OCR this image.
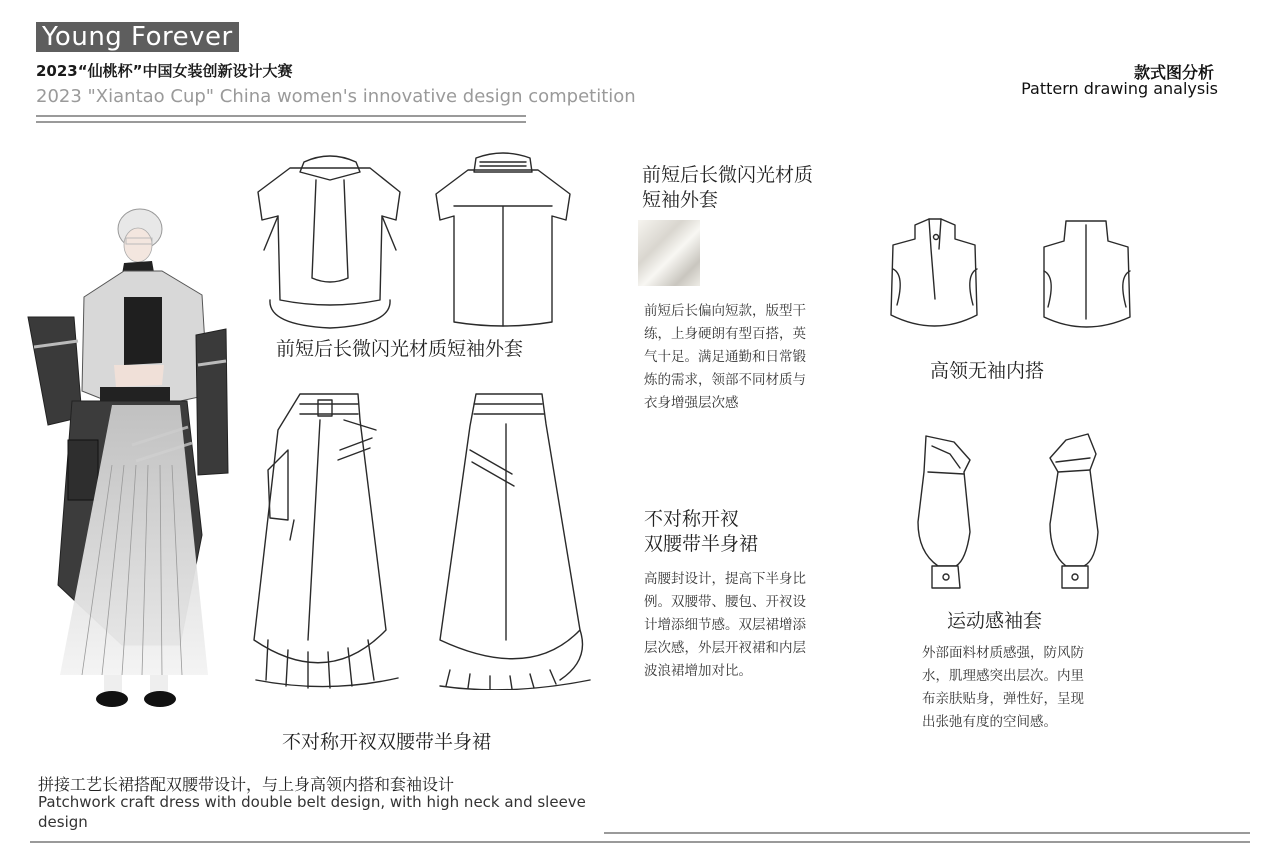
Young Forever
2023“仙桃杯”中国女装创新设计大赛
2023 "Xiantao Cup" China women's innovative design competition
款式图分析
Pattern drawing analysis
前短后长微闪光材质短袖外套
不对称开衩双腰带半身裙
前短后长微闪光材质
短袖外套
前短后长偏向短款，版型干
练，上身硬朗有型百搭，英
气十足。满足通勤和日常锻
炼的需求，领部不同材质与
衣身增强层次感
不对称开衩
双腰带半身裙
高腰封设计，提高下半身比
例。双腰带、腰包、开衩设
计增添细节感。双层裙增添
层次感，外层开衩裙和内层
波浪裙增加对比。
高领无袖内搭
运动感袖套
外部面料材质感强，防风防
水，肌理感突出层次。内里
布亲肤贴身，弹性好，呈现
出张弛有度的空间感。
拼接工艺长裙搭配双腰带设计，与上身高领内搭和套袖设计
Patchwork craft dress with double belt design, with high neck and sleeve design
